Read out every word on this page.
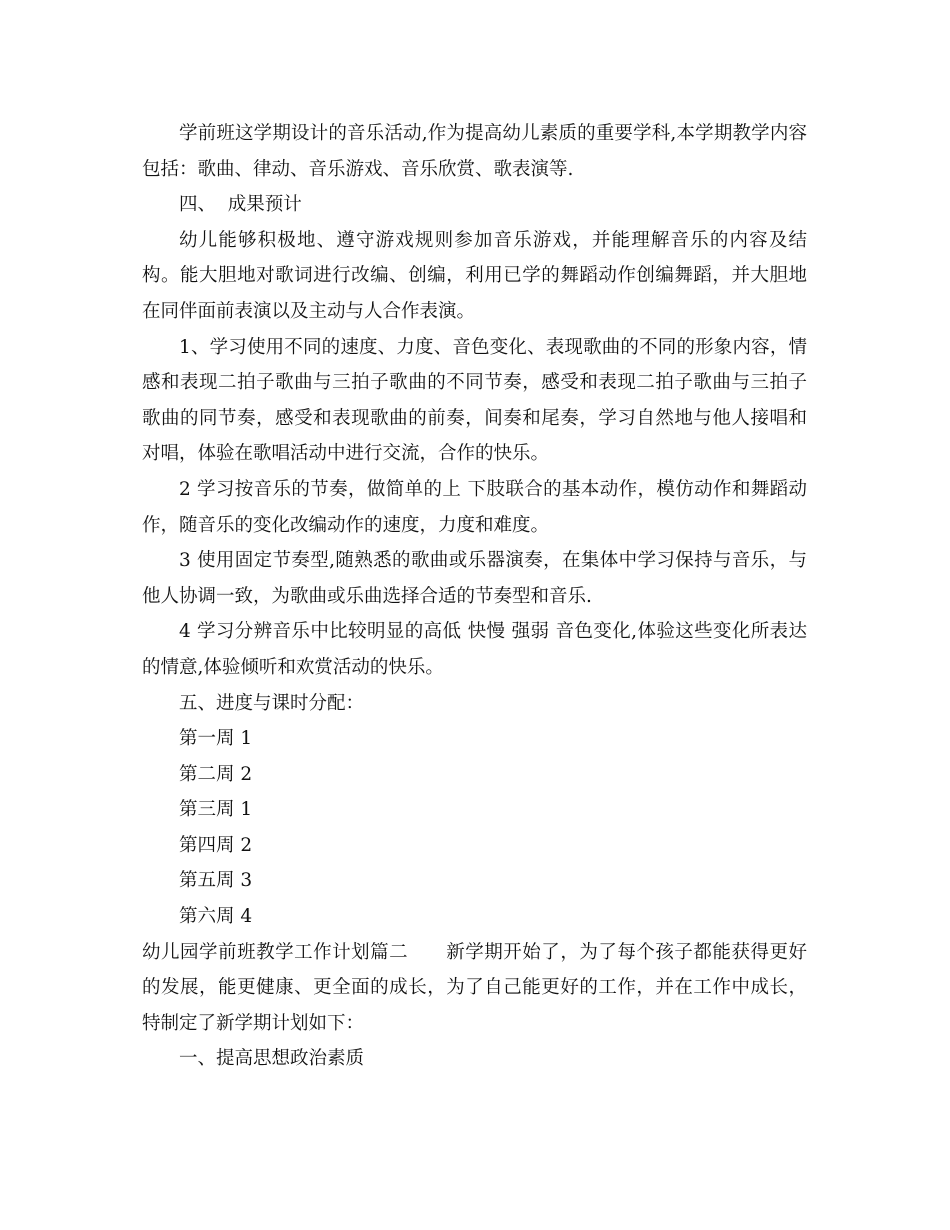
学前班这学期设计的音乐活动,作为提高幼儿素质的重要学科,本学期教学内容包括：歌曲、律动、音乐游戏、音乐欣赏、歌表演等.

四、  成果预计

幼儿能够积极地、遵守游戏规则参加音乐游戏，并能理解音乐的内容及结构。能大胆地对歌词进行改编、创编，利用已学的舞蹈动作创编舞蹈，并大胆地在同伴面前表演以及主动与人合作表演。

1、学习使用不同的速度、力度、音色变化、表现歌曲的不同的形象内容，情感和表现二拍子歌曲与三拍子歌曲的不同节奏，感受和表现二拍子歌曲与三拍子歌曲的同节奏，感受和表现歌曲的前奏，间奏和尾奏，学习自然地与他人接唱和对唱，体验在歌唱活动中进行交流，合作的快乐。

2 学习按音乐的节奏，做简单的上 下肢联合的基本动作，模仿动作和舞蹈动作，随音乐的变化改编动作的速度，力度和难度。

3 使用固定节奏型,随熟悉的歌曲或乐器演奏，在集体中学习保持与音乐，与他人协调一致，为歌曲或乐曲选择合适的节奏型和音乐.

4 学习分辨音乐中比较明显的高低 快慢 强弱 音色变化,体验这些变化所表达的情意,体验倾听和欢赏活动的快乐。

五、进度与课时分配：

第一周 1

第二周 2

第三周 1

第四周 2

第五周 3

第六周 4

幼儿园学前班教学工作计划篇二　　新学期开始了，为了每个孩子都能获得更好的发展，能更健康、更全面的成长，为了自己能更好的工作，并在工作中成长，特制定了新学期计划如下：

一、提高思想政治素质
